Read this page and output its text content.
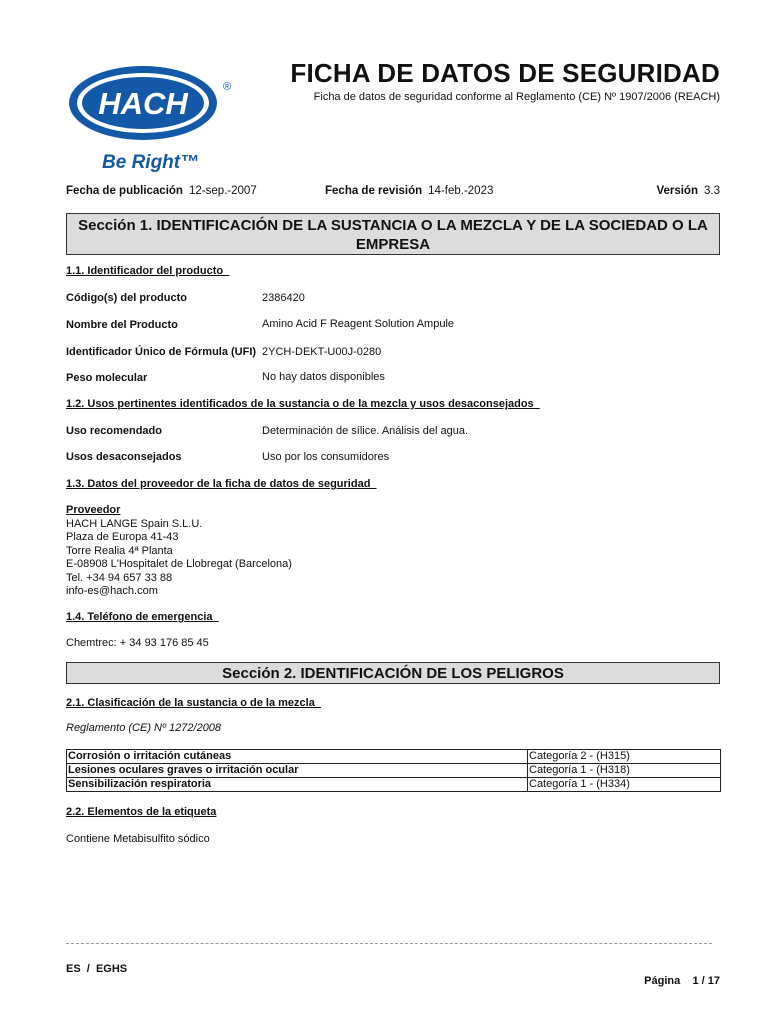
HACH	®
Be Right™
FICHA DE DATOS DE SEGURIDAD
Ficha de datos de seguridad conforme al Reglamento (CE) Nº 1907/2006 (REACH)
Fecha de publicación 12-sep.-2007	Fecha de revisión 14-feb.-2023	Versión 3.3
Sección 1. IDENTIFICACIÓN DE LA SUSTANCIA O LA MEZCLA Y DE LA SOCIEDAD O LA
EMPRESA
1.1. Identificador del producto
Código(s) del producto	2386420
Nombre del Producto	Amino Acid F Reagent Solution Ampule
Identificador Único de Fórmula (UFI) 2YCH-DEKT-U00J-0280
Peso molecular	No hay datos disponibles
1.2. Usos pertinentes identificados de la sustancia o de la mezcla y usos desaconsejados
Uso recomendado	Determinación de sílice. Análisis del agua.
Usos desaconsejados	Uso por los consumidores
1.3. Datos del proveedor de la ficha de datos de seguridad
Proveedor
HACH LANGE Spain S.L.U.
Plaza de Europa 41-43
Torre Realia 4ª Planta
E-08908 L'Hospitalet de Llobregat (Barcelona)
Tel. +34 94 657 33 88
info-es@hach.com
1.4. Teléfono de emergencia
Chemtrec: + 34 93 176 85 45
Sección 2. IDENTIFICACIÓN DE LOS PELIGROS
2.1. Clasificación de la sustancia o de la mezcla
Reglamento (CE) Nº 1272/2008
Corrosión o irritación cutáneas	Categoría 2 - (H315)
Lesiones oculares graves o irritación ocular	Categoría 1 - (H318)
Sensibilización respiratoria	Categoría 1 - (H334)
2.2. Elementos de la etiqueta
Contiene Metabisulfito sódico
ES  /  EGHS

Página 1 / 17
